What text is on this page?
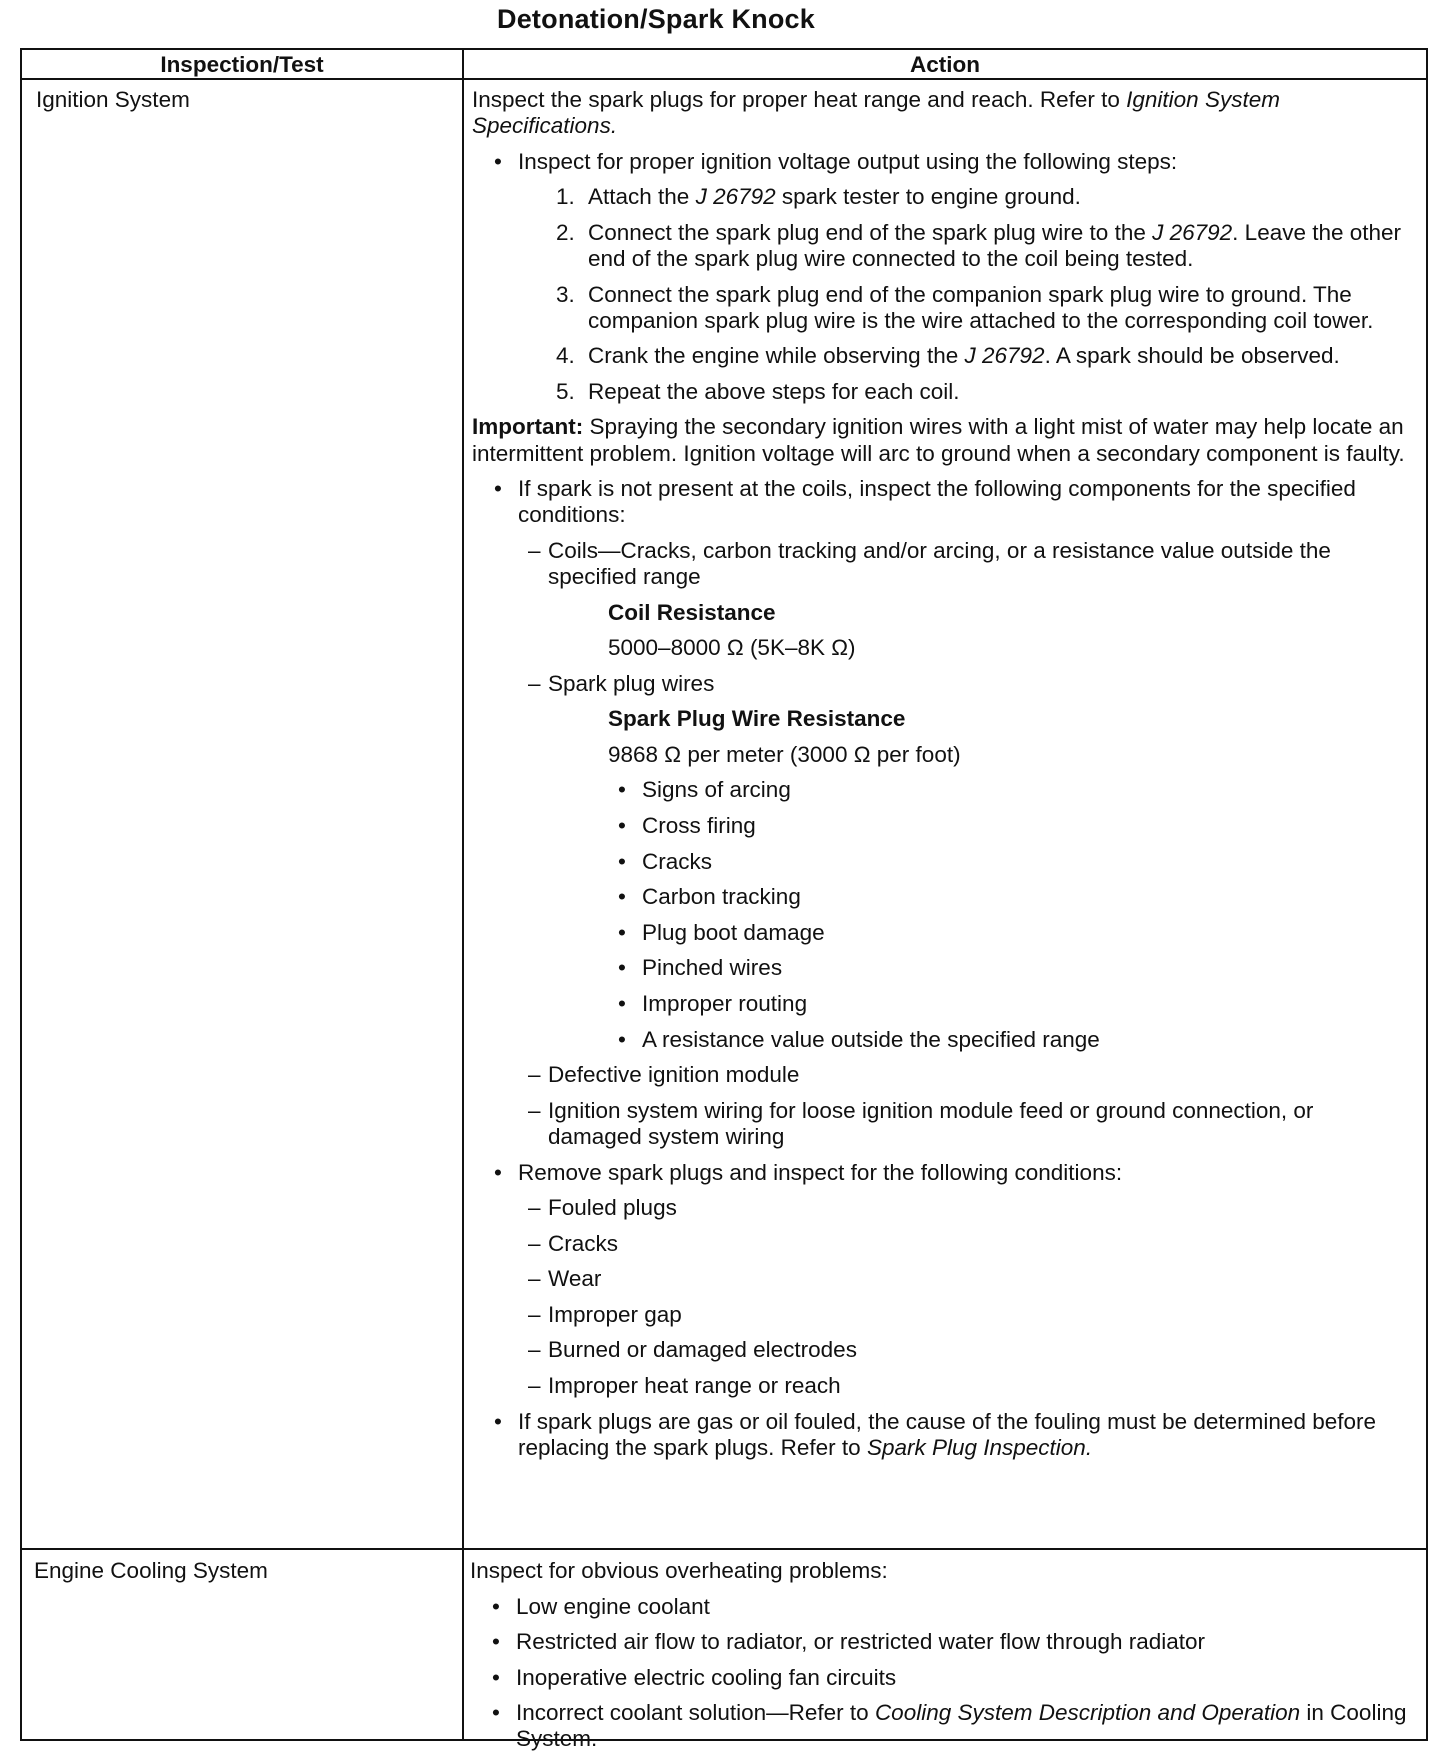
Detonation/Spark Knock
Inspection/Test	Action
Ignition System	Inspect the spark plugs for proper heat range and reach. Refer to Ignition System Specifications.
• Inspect for proper ignition voltage output using the following steps:
1. Attach the J 26792 spark tester to engine ground.
2. Connect the spark plug end of the spark plug wire to the J 26792. Leave the other end of the spark plug wire connected to the coil being tested.
3. Connect the spark plug end of the companion spark plug wire to ground. The companion spark plug wire is the wire attached to the corresponding coil tower.
4. Crank the engine while observing the J 26792. A spark should be observed.
5. Repeat the above steps for each coil.
Important: Spraying the secondary ignition wires with a light mist of water may help locate an intermittent problem. Ignition voltage will arc to ground when a secondary component is faulty.
• If spark is not present at the coils, inspect the following components for the specified conditions:
– Coils—Cracks, carbon tracking and/or arcing, or a resistance value outside the specified range
Coil Resistance
5000–8000 Ω (5K–8K Ω)
– Spark plug wires
Spark Plug Wire Resistance
9868 Ω per meter (3000 Ω per foot)
• Signs of arcing
• Cross firing
• Cracks
• Carbon tracking
• Plug boot damage
• Pinched wires
• Improper routing
• A resistance value outside the specified range
– Defective ignition module
– Ignition system wiring for loose ignition module feed or ground connection, or damaged system wiring
• Remove spark plugs and inspect for the following conditions:
– Fouled plugs
– Cracks
– Wear
– Improper gap
– Burned or damaged electrodes
– Improper heat range or reach
• If spark plugs are gas or oil fouled, the cause of the fouling must be determined before replacing the spark plugs. Refer to Spark Plug Inspection.
Engine Cooling System	Inspect for obvious overheating problems:
• Low engine coolant
• Restricted air flow to radiator, or restricted water flow through radiator
• Inoperative electric cooling fan circuits
• Incorrect coolant solution—Refer to Cooling System Description and Operation in Cooling System.
